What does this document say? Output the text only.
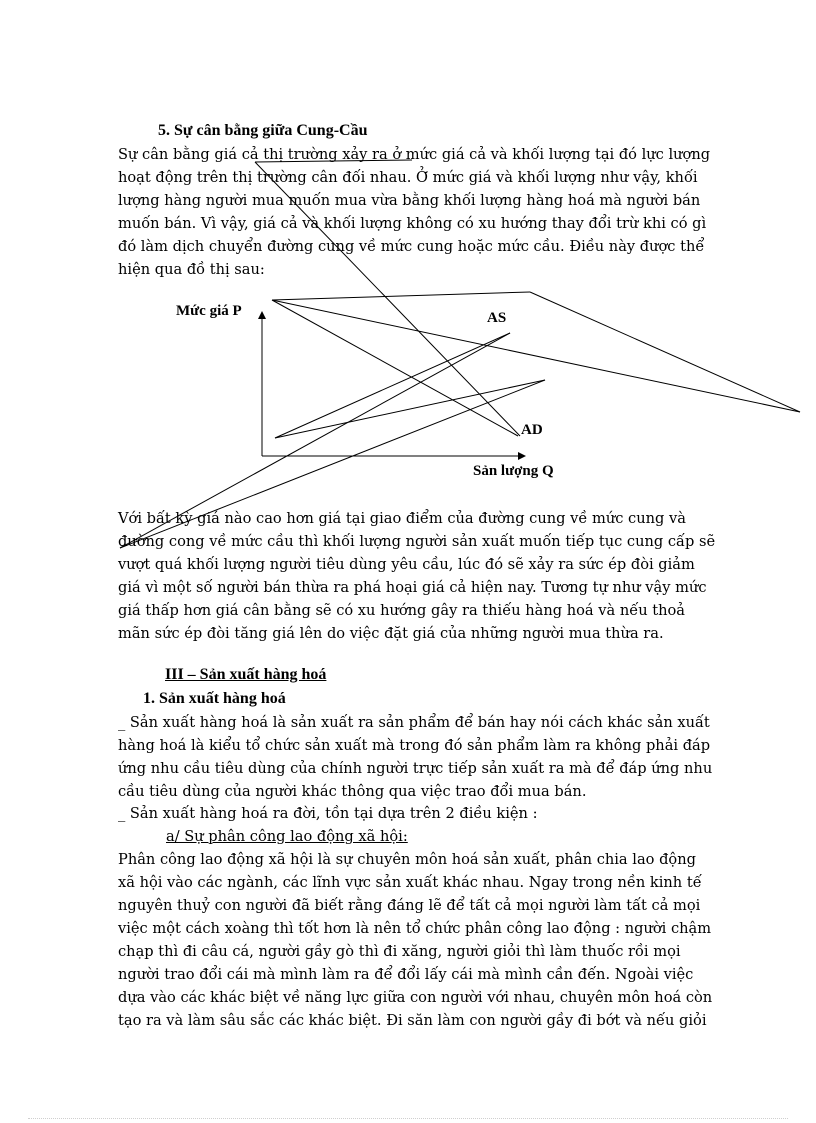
5. Sự cân bằng giữa Cung-Cầu
Sự cân bằng giá cả thị trường xảy ra ở mức giá cả và khối lượng tại đó lực lượng
hoạt động trên thị trường cân đối nhau. Ở mức giá và khối lượng như vậy, khối
lượng hàng người mua muốn mua vừa bằng khối lượng hàng hoá mà người bán
muốn bán. Vì vậy, giá cả và khối lượng không có xu hướng thay đổi trừ khi có gì
đó làm dịch chuyển đường cung về mức cung hoặc mức cầu. Điều này được thể
hiện qua đồ thị sau:
Mức giá P	AS
AD
Sản lượng Q
Với bất kỳ giá nào cao hơn giá tại giao điểm của đường cung về mức cung và
đường cong về mức cầu thì khối lượng người sản xuất muốn tiếp tục cung cấp sẽ
vượt quá khối lượng người tiêu dùng yêu cầu, lúc đó sẽ xảy ra sức ép đòi giảm
giá vì một số người bán thừa ra phá hoại giá cả hiện nay. Tương tự như vậy mức
giá thấp hơn giá cân bằng sẽ có xu hướng gây ra thiếu hàng hoá và nếu thoả
mãn sức ép đòi tăng giá lên do việc đặt giá của những người mua thừa ra.
III – Sản xuất hàng hoá
1. Sản xuất hàng hoá
_ Sản xuất hàng hoá là sản xuất ra sản phẩm để bán hay nói cách khác sản xuất
hàng hoá là kiểu tổ chức sản xuất mà trong đó sản phẩm làm ra không phải đáp
ứng nhu cầu tiêu dùng của chính người trực tiếp sản xuất ra mà để đáp ứng nhu
cầu tiêu dùng của người khác thông qua việc trao đổi mua bán.
_ Sản xuất hàng hoá ra đời, tồn tại dựa trên 2 điều kiện :
a/ Sự phân công lao động xã hội:
Phân công lao động xã hội là sự chuyên môn hoá sản xuất, phân chia lao động
xã hội vào các ngành, các lĩnh vực sản xuất khác nhau. Ngay trong nền kinh tế
nguyên thuỷ con người đã biết rằng đáng lẽ để tất cả mọi người làm tất cả mọi
việc một cách xoàng thì tốt hơn là nên tổ chức phân công lao động : người chậm
chạp thì đi câu cá, người gầy gò thì đi xăng, người giỏi thì làm thuốc rồi mọi
người trao đổi cái mà mình làm ra để đổi lấy cái mà mình cần đến. Ngoài việc
dựa vào các khác biệt về năng lực giữa con người với nhau, chuyên môn hoá còn
tạo ra và làm sâu sắc các khác biệt. Đi săn làm con người gầy đi bớt và nếu giỏi
